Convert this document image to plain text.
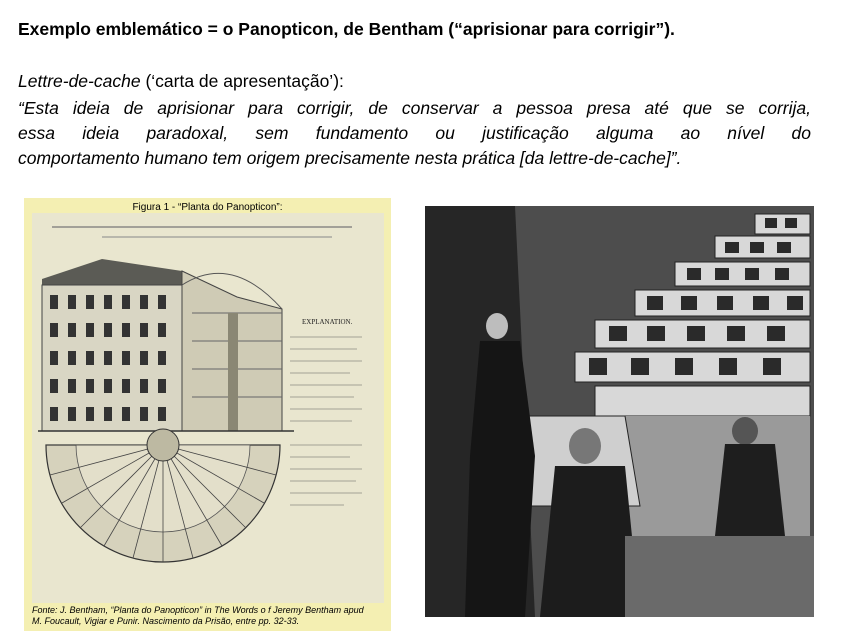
Exemplo emblemático = o Panopticon, de Bentham (“aprisionar para corrigir”).
Lettre-de-cache (‘carta de apresentação’):
“Esta ideia de aprisionar para corrigir, de conservar a pessoa presa até que se corrija,
essa ideia paradoxal, sem fundamento ou justificação alguma ao nível do
comportamento humano tem origem precisamente nesta prática [da lettre-de-cache]”.
Figura 1 - “Planta do Panopticon”:
EXPLANATION.
Fonte: J. Bentham, “Planta do Panopticon” in The Words o f Jeremy Bentham apud
M. Foucault, Vigiar e Punir. Nascimento da Prisão, entre pp. 32-33.
